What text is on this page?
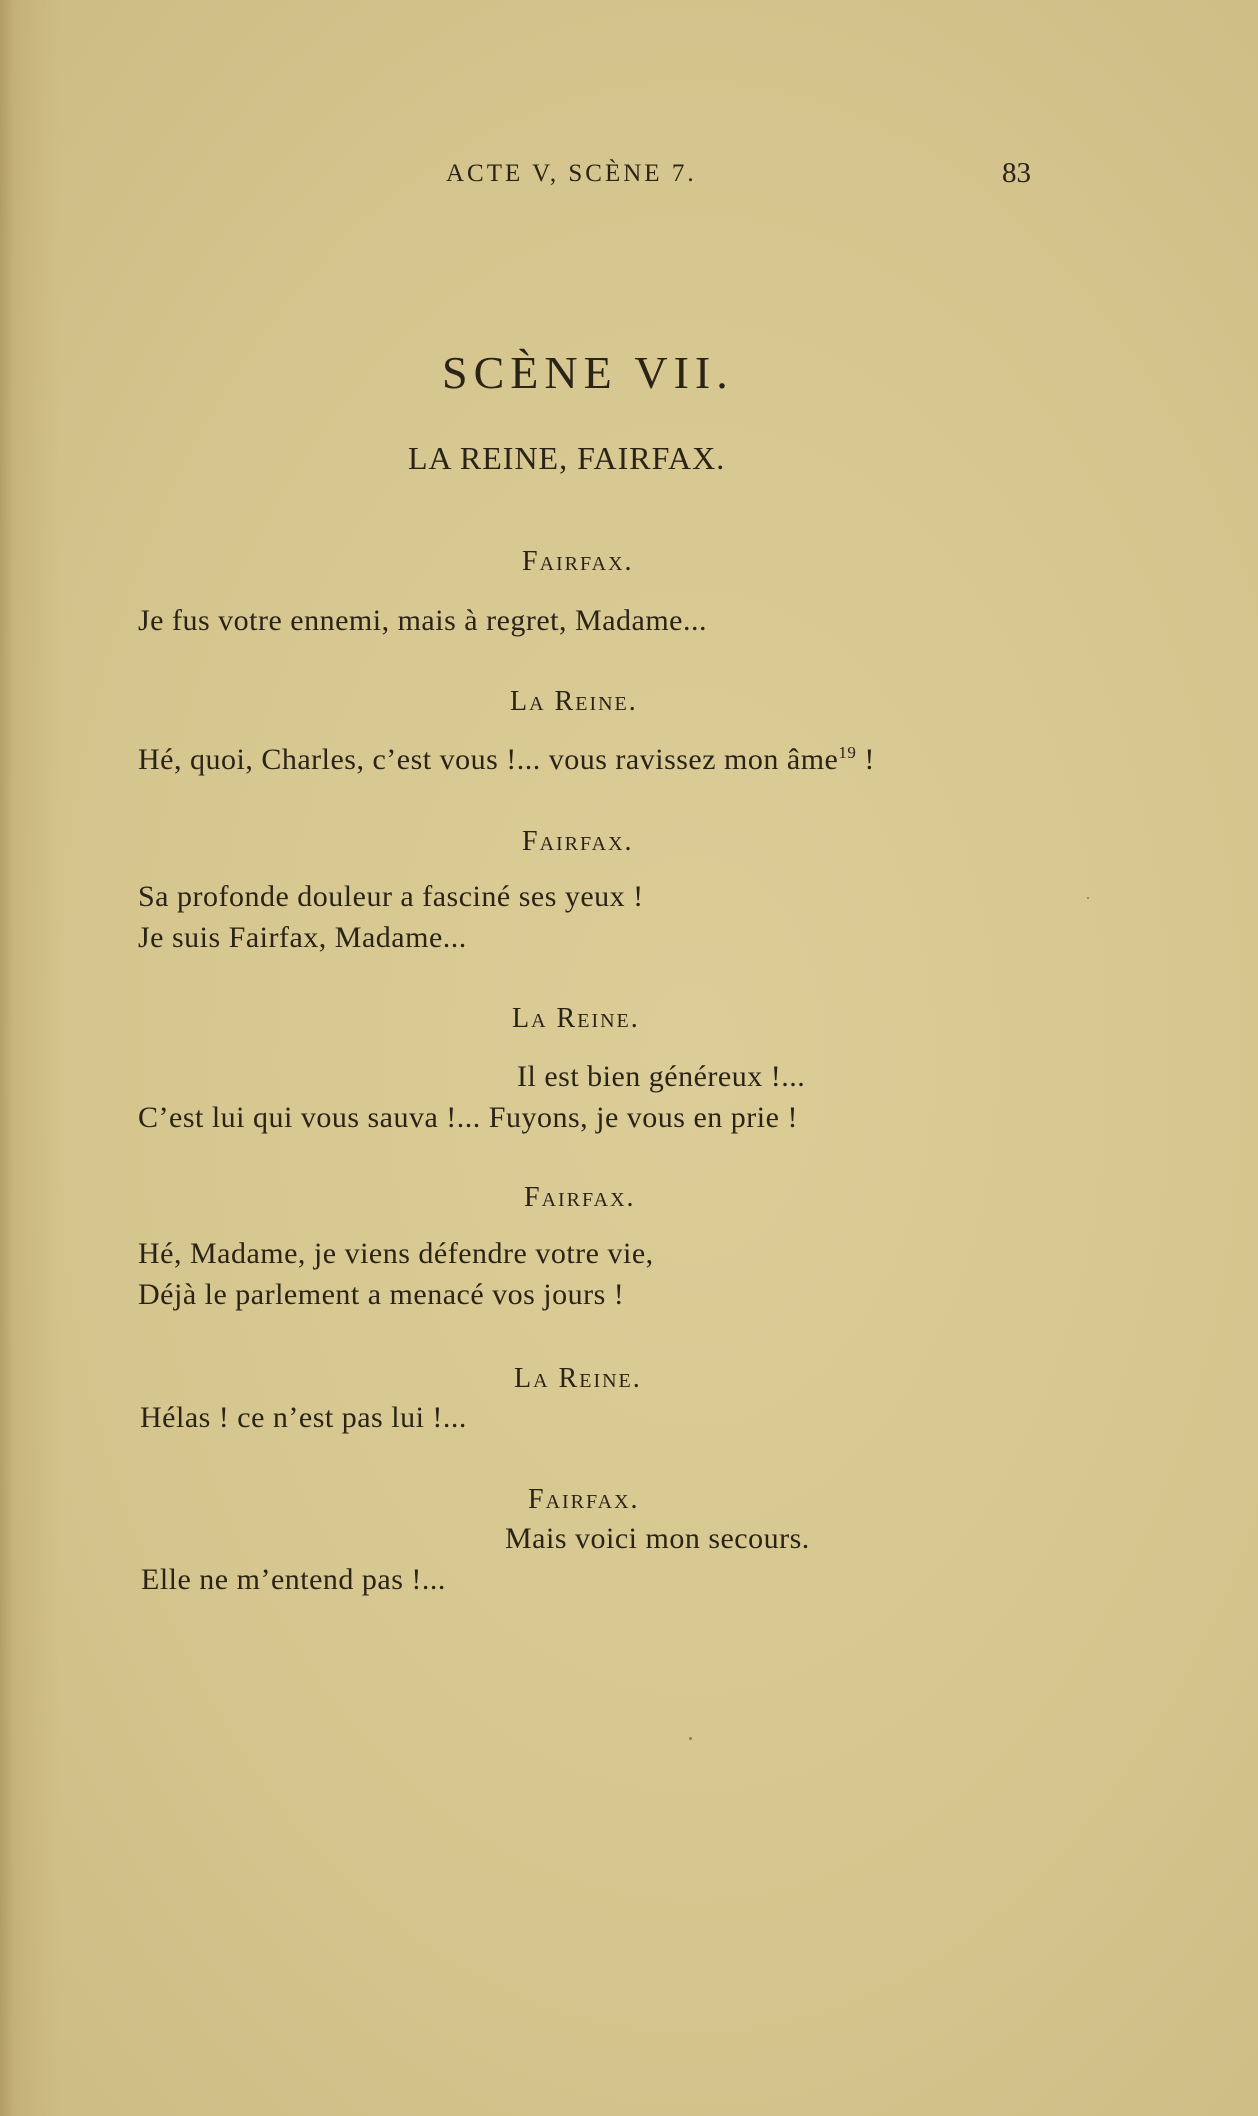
ACTE V, SCÈNE 7.	83
SCÈNE VII.
LA REINE, FAIRFAX.
Fairfax.
Je fus votre ennemi, mais à regret, Madame...
La Reine.
Hé, quoi, Charles, c’est vous !... vous ravissez mon âme$^{19}$ !
Fairfax.
Sa profonde douleur a fasciné ses yeux !
Je suis Fairfax, Madame...
La Reine.
Il est bien généreux !...
C’est lui qui vous sauva !... Fuyons, je vous en prie !
Fairfax.
Hé, Madame, je viens défendre votre vie,
Déjà le parlement a menacé vos jours !
La Reine.
Hélas ! ce n’est pas lui !...
Fairfax.
Mais voici mon secours.
Elle ne m’entend pas !...
